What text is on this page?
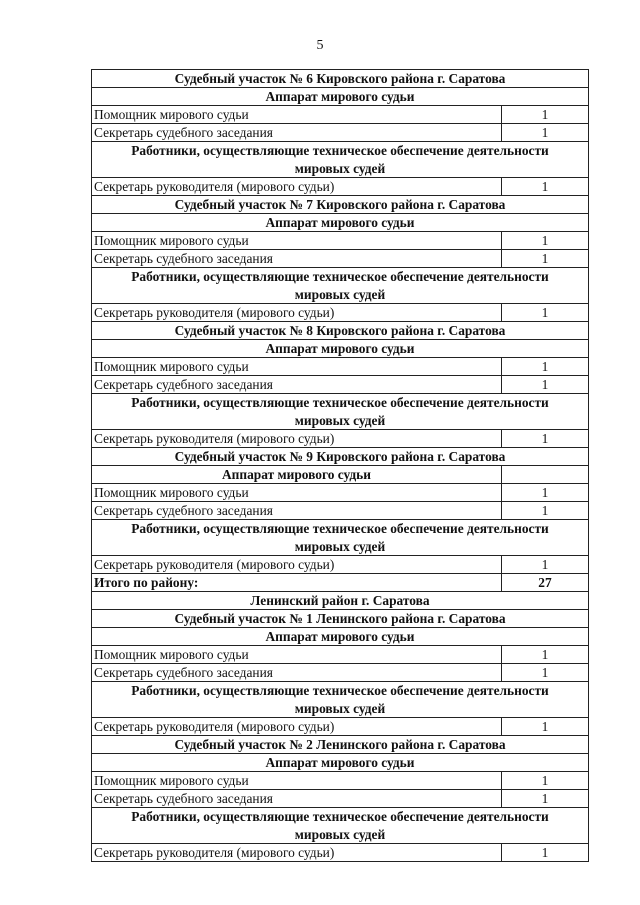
5
Судебный участок № 6 Кировского района г. Саратова	
Аппарат мирового судьи	
Помощник мирового судьи	1
Секретарь судебного заседания	1
Работники, осуществляющие техническое обеспечение деятельности
мировых судей	
Секретарь руководителя (мирового судьи)	1
Судебный участок № 7 Кировского района г. Саратова	
Аппарат мирового судьи	
Помощник мирового судьи	1
Секретарь судебного заседания	1
Работники, осуществляющие техническое обеспечение деятельности
мировых судей	
Секретарь руководителя (мирового судьи)	1
Судебный участок № 8 Кировского района г. Саратова	
Аппарат мирового судьи	
Помощник мирового судьи	1
Секретарь судебного заседания	1
Работники, осуществляющие техническое обеспечение деятельности
мировых судей	
Секретарь руководителя (мирового судьи)	1
Судебный участок № 9 Кировского района г. Саратова	
Аппарат мирового судьи	
Помощник мирового судьи	1
Секретарь судебного заседания	1
Работники, осуществляющие техническое обеспечение деятельности
мировых судей	
Секретарь руководителя (мирового судьи)	1
Итого по району:	27
Ленинский район г. Саратова	
Судебный участок № 1 Ленинского района г. Саратова	
Аппарат мирового судьи	
Помощник мирового судьи	1
Секретарь судебного заседания	1
Работники, осуществляющие техническое обеспечение деятельности
мировых судей	
Секретарь руководителя (мирового судьи)	1
Судебный участок № 2 Ленинского района г. Саратова	
Аппарат мирового судьи	
Помощник мирового судьи	1
Секретарь судебного заседания	1
Работники, осуществляющие техническое обеспечение деятельности
мировых судей	
Секретарь руководителя (мирового судьи)	1
